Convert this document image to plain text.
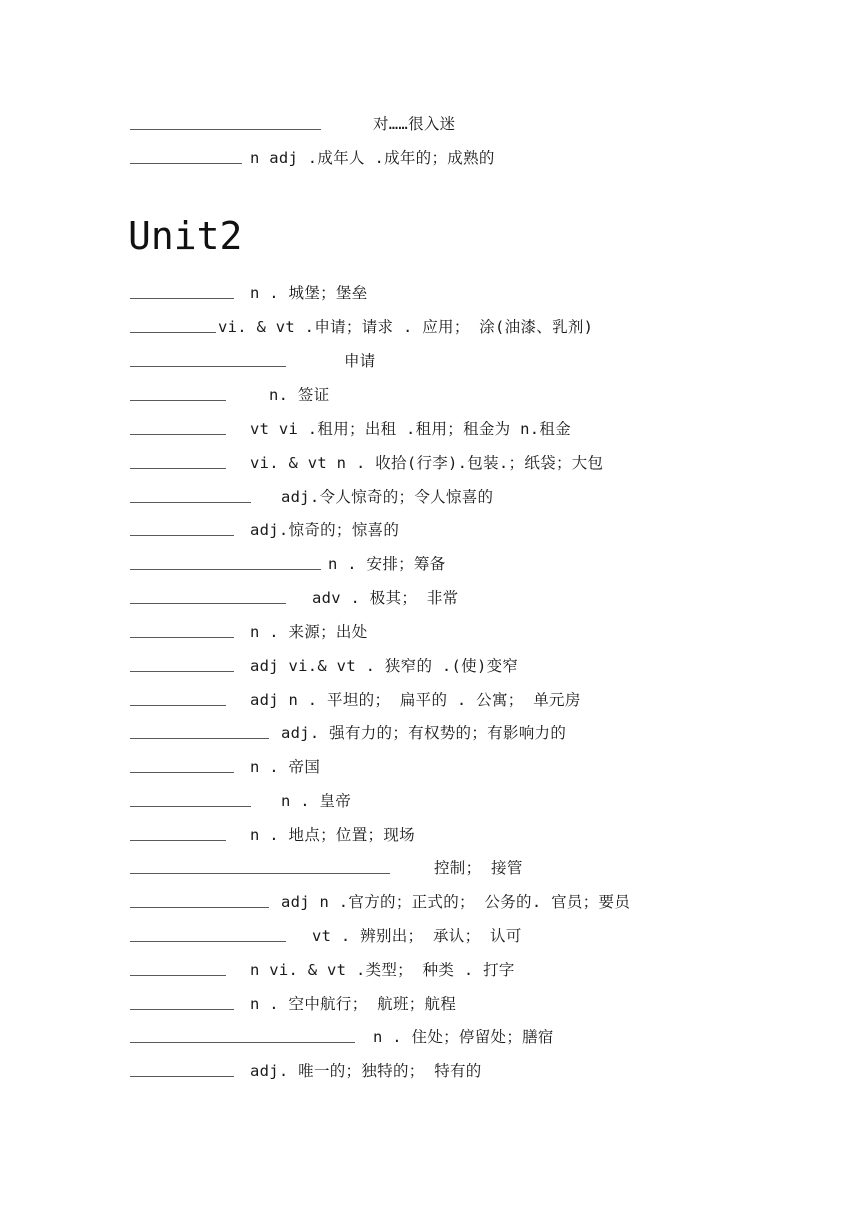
对……很入迷
n adj .成年人 .成年的；成熟的
Unit2
n . 城堡；堡垒
vi. & vt .申请；请求 . 应用； 涂(油漆、乳剂)
申请
n. 签证
vt vi .租用；出租 .租用；租金为 n.租金
vi. & vt n . 收拾(行李).包装.；纸袋；大包
adj.令人惊奇的；令人惊喜的
adj.惊奇的；惊喜的
n . 安排；筹备
adv . 极其； 非常
n . 来源；出处
adj vi.& vt . 狭窄的 .(使)变窄
adj n . 平坦的； 扁平的 . 公寓； 单元房
adj. 强有力的；有权势的；有影响力的
n . 帝国
n . 皇帝
n . 地点；位置；现场
控制； 接管
adj n .官方的；正式的； 公务的. 官员；要员
vt . 辨别出； 承认； 认可
n vi. & vt .类型； 种类 . 打字
n . 空中航行； 航班；航程
n . 住处；停留处；膳宿
adj. 唯一的；独特的； 特有的
